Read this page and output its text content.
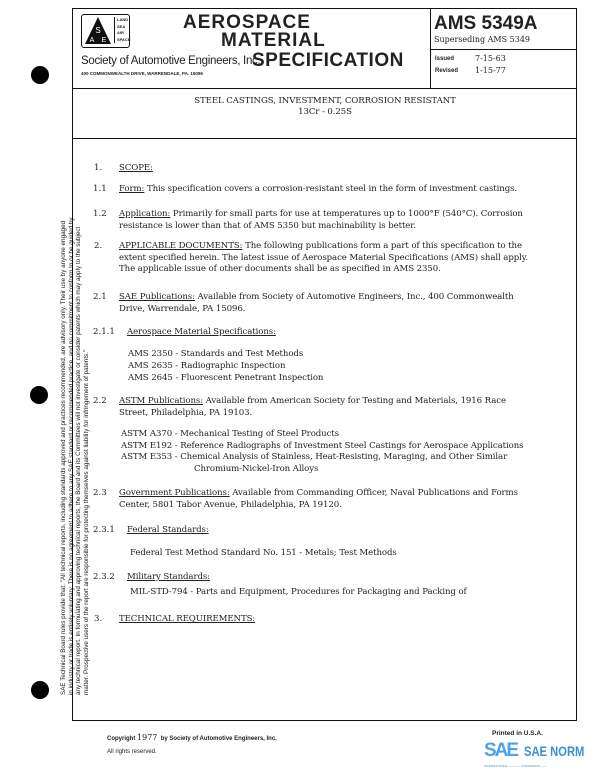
SAE Technical Board rules provide that: "All technical reports, including standards approved and practices recommended, are advisory only. Their use by anyone engaged in industry or trade is entirely voluntary. There is no agreement to adhere to any SAE standard or recommended practice, and no commitment to conform to or be guided by any technical report. In formulating and approving technical reports, the Board and its Committees will not investigate or consider patents which may apply to the subject matter. Prospective users of the report are responsible for protecting themselves against liability for infringement of patents."
S
A E
LAND
SEA
AIR
SPACE
AEROSPACE
MATERIAL
SPECIFICATION
Society of Automotive Engineers, Inc.
400 COMMONWEALTH DRIVE, WARRENDALE, PA. 15096
AMS 5349A
Superseding AMS 5349
Issued	7-15-63
Revised 1-15-77
STEEL CASTINGS, INVESTMENT, CORROSION RESISTANT
13Cr - 0.25S
1. SCOPE:
1.1 Form: This specification covers a corrosion-resistant steel in the form of investment castings.
1.2 Application: Primarily for small parts for use at temperatures up to 1000°F (540°C). Corrosion
resistance is lower than that of AMS 5350 but machinability is better.
2. APPLICABLE DOCUMENTS: The following publications form a part of this specification to the
extent specified herein. The latest issue of Aerospace Material Specifications (AMS) shall apply.
The applicable issue of other documents shall be as specified in AMS 2350.
2.1 SAE Publications: Available from Society of Automotive Engineers, Inc., 400 Commonwealth
Drive, Warrendale, PA 15096.
2.1.1 Aerospace Material Specifications:
2.2 ASTM Publications: Available from American Society for Testing and Materials, 1916 Race
Street, Philadelphia, PA 19103.
2.3 Government Publications: Available from Commanding Officer, Naval Publications and Forms
Center, 5801 Tabor Avenue, Philadelphia, PA 19120.
2.3.1 Federal Standards:
2.3.2 Military Standards:
3. TECHNICAL REQUIREMENTS:
AMS 2350 - Standards and Test Methods
AMS 2635 - Radiographic Inspection
AMS 2645 - Fluorescent Penetrant Inspection
ASTM A370 - Mechanical Testing of Steel Products
ASTM E192 - Reference Radiographs of Investment Steel Castings for Aerospace Applications
ASTM E353 - Chemical Analysis of Stainless, Heat-Resisting, Maraging, and Other Similar
Chromium-Nickel-Iron Alloys
Federal Test Method Standard No. 151 - Metals; Test Methods
MIL-STD-794 - Parts and Equipment, Procedures for Packaging and Packing of
Copyright 1977 by Society of Automotive Engineers, Inc.
All rights reserved.
Printed in U.S.A.
SAE SAE NORM
INTERNATIONAL ———— STANDARDS ——
